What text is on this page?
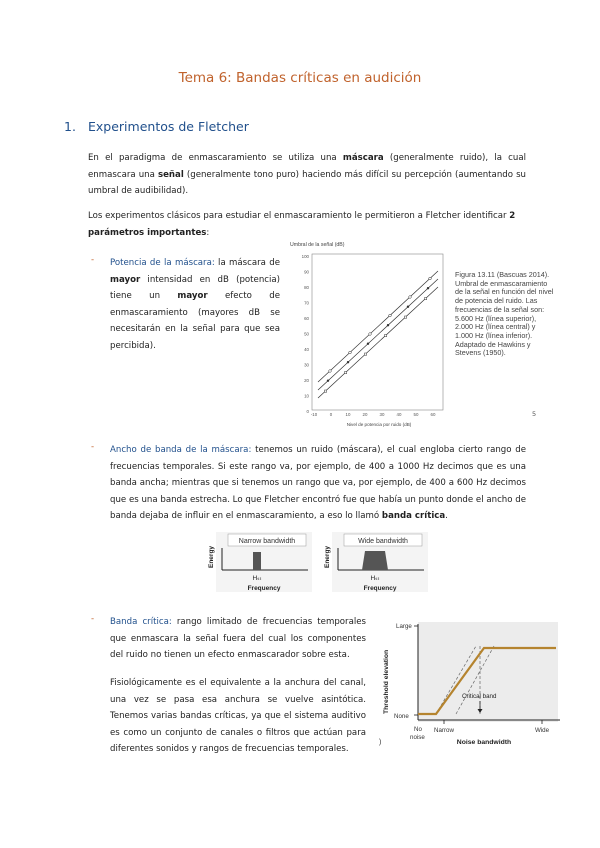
Tema 6: Bandas críticas en audición
1. Experimentos de Fletcher
En el paradigma de enmascaramiento se utiliza una máscara (generalmente ruido), la cual enmascara una señal (generalmente tono puro) haciendo más difícil su percepción (aumentando su umbral de audibilidad).
Los experimentos clásicos para estudiar el enmascaramiento le permitieron a Fletcher identificar 2 parámetros importantes:
- Potencia de la máscara: la máscara de mayor intensidad en dB (potencia) tiene un mayor efecto de enmascaramiento (mayores dB se necesitarán en la señal para que sea percibida).
Umbral de la señal (dB)
100
90
80
70
60
50
40
30
20
10
0
-10	0	10	20	30	40	50	60
Nivel de potencia por ruido (dB)
Figura 13.11 (Bascuas 2014). Umbral de enmascaramiento de la señal en función del nivel de potencia del ruido. Las frecuencias de la señal son: 5.600 Hz (línea superior), 2.000 Hz (línea central) y 1.000 Hz (línea inferior). Adaptado de Hawkins y Stevens (1950).
5
- Ancho de banda de la máscara: tenemos un ruido (máscara), el cual engloba cierto rango de frecuencias temporales. Si este rango va, por ejemplo, de 400 a 1000 Hz decimos que es una banda ancha; mientras que si tenemos un rango que va, por ejemplo, de 400 a 600 Hz decimos que es una banda estrecha. Lo que Fletcher encontró fue que había un punto donde el ancho de banda dejaba de influir en el enmascaramiento, a eso lo llamó banda crítica.
Narrow bandwidth
Energy
Hₛₜ
Frequency
Wide bandwidth
Energy
Hₛₜ
Frequency
- Banda crítica: rango limitado de frecuencias temporales que enmascara la señal fuera del cual los componentes del ruido no tienen un efecto enmascarador sobre esta.
Fisiológicamente es el equivalente a la anchura del canal, una vez se pasa esa anchura se vuelve asintótica. Tenemos varias bandas críticas, ya que el sistema auditivo es como un conjunto de canales o filtros que actúan para diferentes sonidos y rangos de frecuencias temporales.
Threshold elevation
Large
None
Critical band
No
noise
Narrow	Wide
Noise bandwidth
)
